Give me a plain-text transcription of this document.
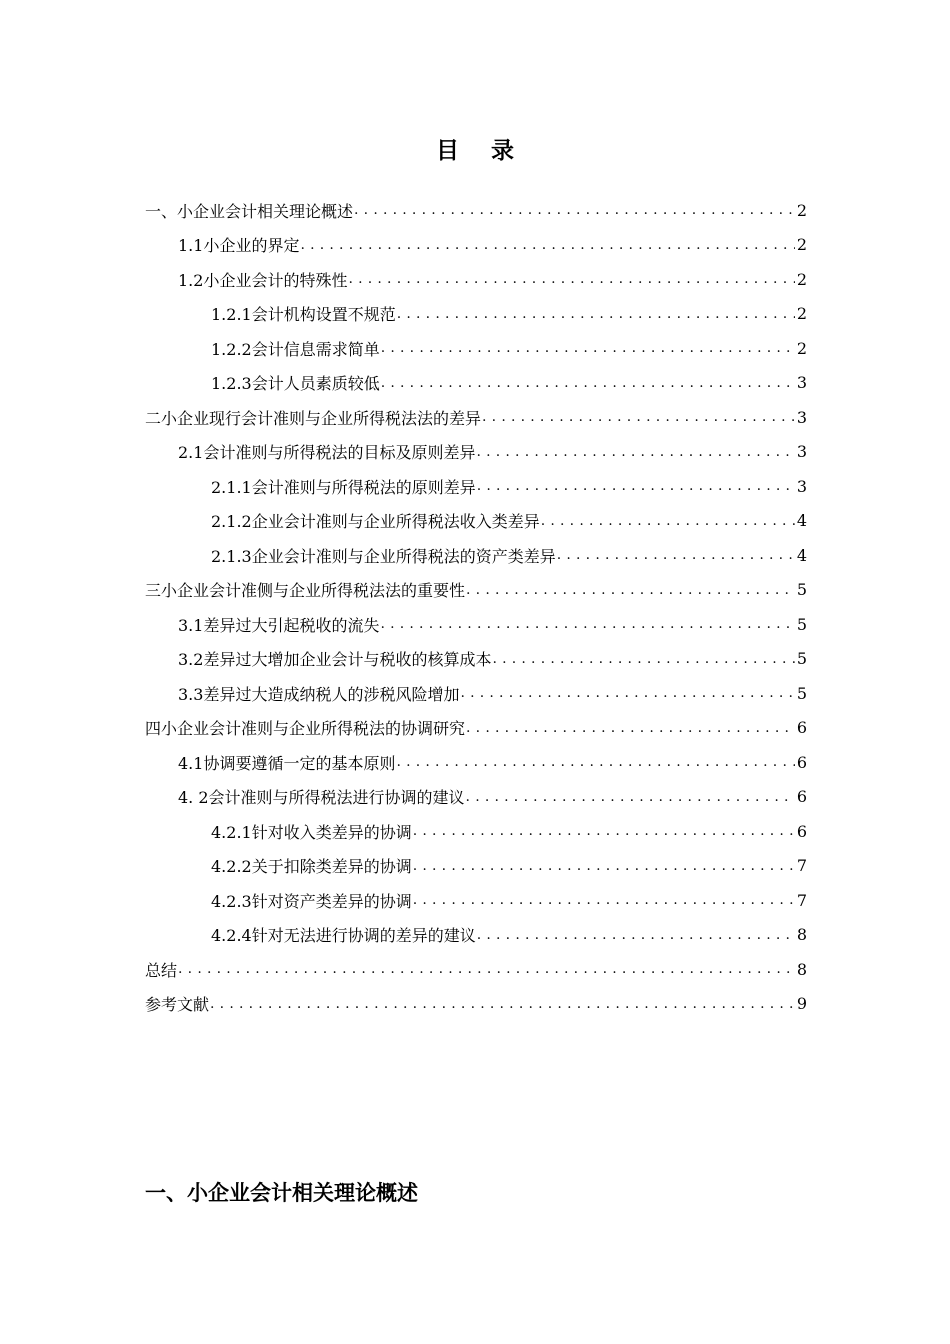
目 录
一、小企业会计相关理论概述 .....	2
1.1小企业的界定 .....	2
1.2小企业会计的特殊性 .....	2
1.2.1会计机构设置不规范 .....	2
1.2.2会计信息需求简单 .....	2
1.2.3会计人员素质较低 .....	3
二小企业现行会计准则与企业所得税法法的差异 .....	3
2.1会计准则与所得税法的目标及原则差异 .....	3
2.1.1会计准则与所得税法的原则差异 .....	3
2.1.2企业会计准则与企业所得税法收入类差异 .....	4
2.1.3企业会计准则与企业所得税法的资产类差异 .....	4
三小企业会计准侧与企业所得税法法的重要性 .....	5
3.1差异过大引起税收的流失 .....	5
3.2差异过大增加企业会计与税收的核算成本 .....	5
3.3差异过大造成纳税人的涉税风险增加 .....	5
四小企业会计准则与企业所得税法的协调研究 .....	6
4.1协调要遵循一定的基本原则 .....	6
4. 2会计准则与所得税法进行协调的建议 .....	6
4.2.1针对收入类差异的协调 .....	6
4.2.2关于扣除类差异的协调 .....	7
4.2.3针对资产类差异的协调 .....	7
4.2.4针对无法进行协调的差异的建议 .....	8
总结 .....	8
参考文献 .....	9
一、小企业会计相关理论概述
